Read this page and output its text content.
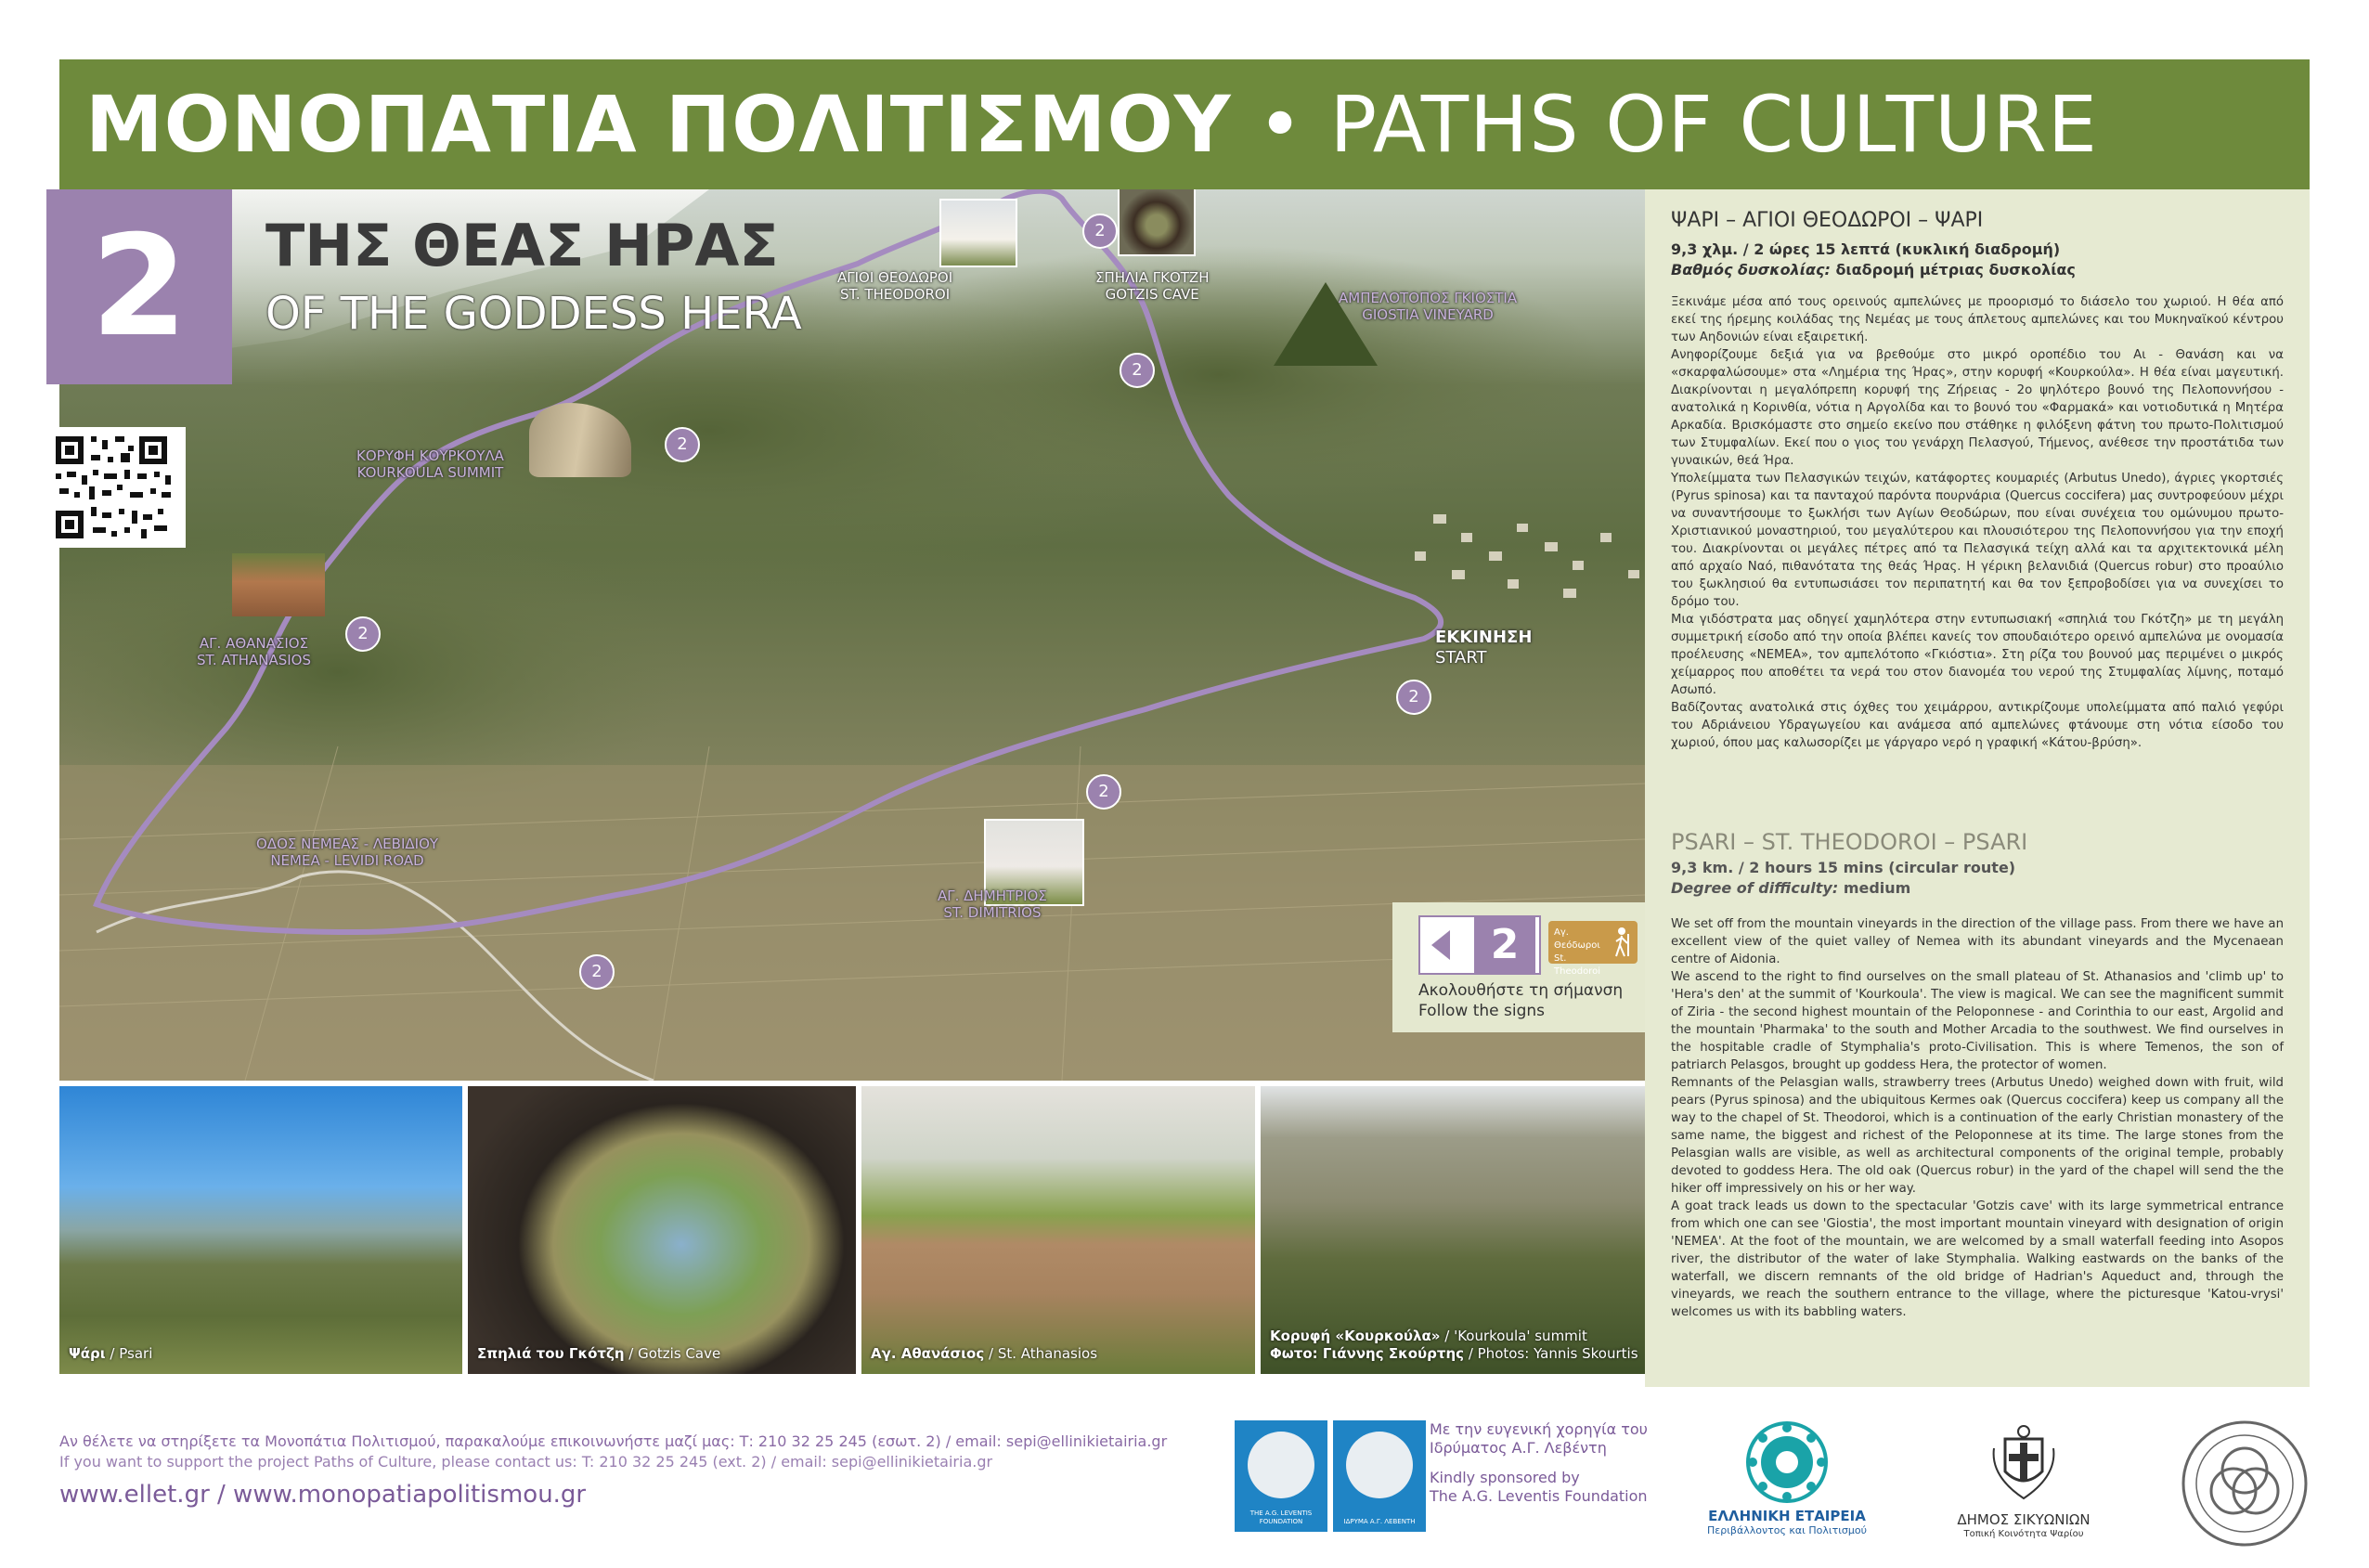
ΜΟΝΟΠΑΤΙΑ ΠΟΛΙΤΙΣΜΟΥ • PATHS OF CULTURE
2
2
2
2
2
2
2
ΑΓΙΟΙ ΘΕΟΔΩΡΟΙ
ST. THEODOROI
ΣΠΗΛΙΑ ΓΚΟΤΖΗ
GOTZIS CAVE	ΑΜΠΕΛΟΤΟΠΟΣ ΓΚΙΟΣΤΙΑ
GIOSTIA VINEYARD
ΚΟΡΥΦΗ ΚΟΥΡΚΟΥΛΑ
KOURKOULA SUMMIT
ΑΓ. ΑΘΑΝΑΣΙΟΣ
ST. ATHANASIOS
ΕΚΚΙΝΗΣΗ
START
ΟΔΟΣ ΝΕΜΕΑΣ - ΛΕΒΙΔΙΟΥ
NEMEA - LEVIDI ROAD
ΑΓ. ΔΗΜΗΤΡΙΟΣ
ST. DIMITRIOS
2	ΤΗΣ ΘΕΑΣ ΗΡΑΣ
OF THE GODDESS HERA
2	Αγ. Θεόδωροι St. Theodoroi
Ακολουθήστε τη σήμανση
Follow the signs
ΨΑΡΙ – ΑΓΙΟΙ ΘΕΟΔΩΡΟΙ – ΨΑΡΙ
9,3 χλμ. / 2 ώρες 15 λεπτά (κυκλική διαδρομή)
Βαθμός δυσκολίας: διαδρομή μέτριας δυσκολίας
Ξεκινάμε μέσα από τους ορεινούς αμπελώνες με προορισμό το διάσελο του χωριού. Η θέα από εκεί της ήρεμης κοιλάδας της Νεμέας με τους άπλετους αμπελώνες και του Μυκηναϊκού κέντρου των Αηδονιών είναι εξαιρετική.
Ανηφορίζουμε δεξιά για να βρεθούμε στο μικρό οροπέδιο του Αι - Θανάση και να «σκαρφαλώσουμε» στα «Λημέρια της Ήρας», στην κορυφή «Κουρκούλα». Η θέα είναι μαγευτική. Διακρίνονται η μεγαλόπρεπη κορυφή της Ζήρειας - 2ο ψηλότερο βουνό της Πελοποννήσου - ανατολικά η Κορινθία, νότια η Αργολίδα και το βουνό του «Φαρμακά» και νοτιοδυτικά η Μητέρα Αρκαδία. Βρισκόμαστε στο σημείο εκείνο που στάθηκε η φιλόξενη φάτνη του πρωτο-Πολιτισμού των Στυμφαλίων. Εκεί που ο γιος του γενάρχη Πελασγού, Τήμενος, ανέθεσε την προστάτιδα των γυναικών, θεά Ήρα.
Υπολείμματα των Πελασγικών τειχών, κατάφορτες κουμαριές (Arbutus Unedo), άγριες γκορτσιές (Pyrus spinosa) και τα πανταχού παρόντα πουρνάρια (Quercus coccifera) μας συντροφεύουν μέχρι να συναντήσουμε το ξωκλήσι των Αγίων Θεοδώρων, που είναι συνέχεια του ομώνυμου πρωτο-Χριστιανικού μοναστηριού, του μεγαλύτερου και πλουσιότερου της Πελοποννήσου για την εποχή του. Διακρίνονται οι μεγάλες πέτρες από τα Πελασγικά τείχη αλλά και τα αρχιτεκτονικά μέλη από αρχαίο Ναό, πιθανότατα της θεάς Ήρας. Η γέρικη βελανιδιά (Quercus robur) στο προαύλιο του ξωκλησιού θα εντυπωσιάσει τον περιπατητή και θα τον ξεπροβοδίσει για να συνεχίσει το δρόμο του.
Μια γιδόστρατα μας οδηγεί χαμηλότερα στην εντυπωσιακή «σπηλιά του Γκότζη» με τη μεγάλη συμμετρική είσοδο από την οποία βλέπει κανείς τον σπουδαιότερο ορεινό αμπελώνα με ονομασία προέλευσης «ΝΕΜΕΑ», τον αμπελότοπο «Γκιόστια». Στη ρίζα του βουνού μας περιμένει ο μικρός χείμαρρος που αποθέτει τα νερά του στον διανομέα του νερού της Στυμφαλίας λίμνης, ποταμό Ασωπό.
Βαδίζοντας ανατολικά στις όχθες του χειμάρρου, αντικρίζουμε υπολείμματα από παλιό γεφύρι του Αδριάνειου Υδραγωγείου και ανάμεσα από αμπελώνες φτάνουμε στη νότια είσοδο του χωριού, όπου μας καλωσορίζει με γάργαρο νερό η γραφική «Κάτου-βρύση».
PSARI – ST. THEODOROI – PSARI
9,3 km. / 2 hours 15 mins (circular route)
Degree of difficulty: medium
We set off from the mountain vineyards in the direction of the village pass. From there we have an excellent view of the quiet valley of Nemea with its abundant vineyards and the Mycenaean centre of Aidonia.
We ascend to the right to find ourselves on the small plateau of St. Athanasios and 'climb up' to 'Hera's den' at the summit of 'Kourkoula'. The view is magical. We can see the magnificent summit of Ziria - the second highest mountain of the Peloponnese - and Corinthia to our east, Argolid and the mountain 'Pharmaka' to the south and Mother Arcadia to the southwest. We find ourselves in the hospitable cradle of Stymphalia's proto-Civilisation. This is where Temenos, the son of patriarch Pelasgos, brought up goddess Hera, the protector of women.
Remnants of the Pelasgian walls, strawberry trees (Arbutus Unedo) weighed down with fruit, wild pears (Pyrus spinosa) and the ubiquitous Kermes oak (Quercus coccifera) keep us company all the way to the chapel of St. Theodoroi, which is a continuation of the early Christian monastery of the same name, the biggest and richest of the Peloponnese at its time. The large stones from the Pelasgian walls are visible, as well as architectural components of the original temple, probably devoted to goddess Hera. The old oak (Quercus robur) in the yard of the chapel will send the the hiker off impressively on his or her way.
A goat track leads us down to the spectacular 'Gotzis cave' with its large symmetrical entrance from which one can see 'Giostia', the most important mountain vineyard with designation of origin 'NEMEA'. At the foot of the mountain, we are welcomed by a small waterfall feeding into Asopos river, the distributor of the water of lake Stymphalia. Walking eastwards on the banks of the waterfall, we discern remnants of the old bridge of Hadrian's Aqueduct and, through the vineyards, we reach the southern entrance to the village, where the picturesque 'Katou-vrysi' welcomes us with its babbling waters.
Ψάρι / Psari	Σπηλιά του Γκότζη / Gotzis Cave	Αγ. Αθανάσιος / St. Athanasios
Κορυφή «Κουρκούλα» / 'Kourkoula' summit
Φωτο: Γιάννης Σκούρτης / Photos: Yannis Skourtis
Αν θέλετε να στηρίξετε τα Μονοπάτια Πολιτισμού, παρακαλούμε επικοινωνήστε μαζί μας: Τ: 210 32 25 245 (εσωτ. 2) / email: sepi@ellinikietairia.gr
If you want to support the project Paths of Culture, please contact us: T: 210 32 25 245 (ext. 2) / email: sepi@ellinikietairia.gr
www.ellet.gr / www.monopatiapolitismou.gr
THE A.G. LEVENTIS FOUNDATION	ΙΔΡΥΜΑ Α.Γ. ΛΕΒΕΝΤΗ
Με την ευγενική χορηγία του
Ιδρύματος Α.Γ. Λεβέντη
Kindly sponsored by
The A.G. Leventis Foundation
ΕΛΛΗΝΙΚΗ ΕΤΑΙΡΕΙΑ
Περιβάλλοντος και Πολιτισμού
ΔΗΜΟΣ ΣΙΚΥΩΝΙΩΝ
Τοπική Κοινότητα Ψαρίου
